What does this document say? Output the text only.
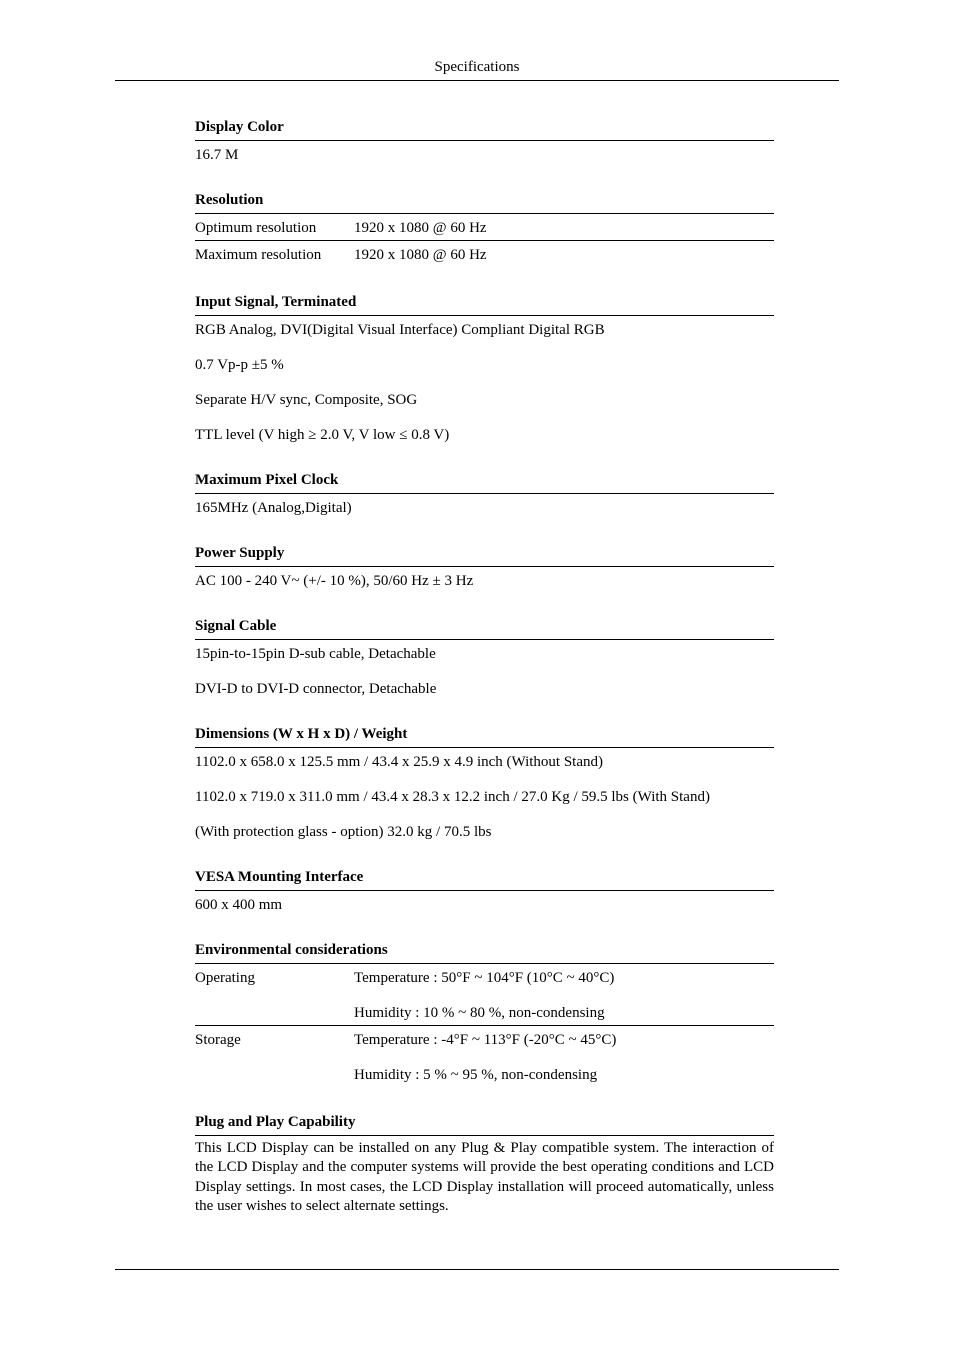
Specifications
Display Color
16.7 M
Resolution
Optimum resolution	1920 x 1080 @ 60 Hz
Maximum resolution	1920 x 1080 @ 60 Hz
Input Signal, Terminated
RGB Analog, DVI(Digital Visual Interface) Compliant Digital RGB
0.7 Vp-p ±5 %
Separate H/V sync, Composite, SOG
TTL level (V high ≥ 2.0 V, V low ≤ 0.8 V)
Maximum Pixel Clock
165MHz (Analog,Digital)
Power Supply
AC 100 - 240 V~ (+/- 10 %), 50/60 Hz ± 3 Hz
Signal Cable
15pin-to-15pin D-sub cable, Detachable
DVI-D to DVI-D connector, Detachable
Dimensions (W x H x D) / Weight
1102.0 x 658.0 x 125.5 mm / 43.4 x 25.9 x 4.9 inch (Without Stand)
1102.0 x 719.0 x 311.0 mm / 43.4 x 28.3 x 12.2 inch / 27.0 Kg / 59.5 lbs (With Stand)
(With protection glass - option) 32.0 kg / 70.5 lbs
VESA Mounting Interface
600 x 400 mm
Environmental considerations
Operating	Temperature : 50°F ~ 104°F (10°C ~ 40°C)
Humidity : 10 % ~ 80 %, non-condensing
Storage	Temperature : -4°F ~ 113°F (-20°C ~ 45°C)
Humidity : 5 % ~ 95 %, non-condensing
Plug and Play Capability
This LCD Display can be installed on any Plug & Play compatible system. The interaction of the LCD Display and the computer systems will provide the best operating conditions and LCD Display settings. In most cases, the LCD Display installation will proceed automatically, unless the user wishes to select alternate settings.
